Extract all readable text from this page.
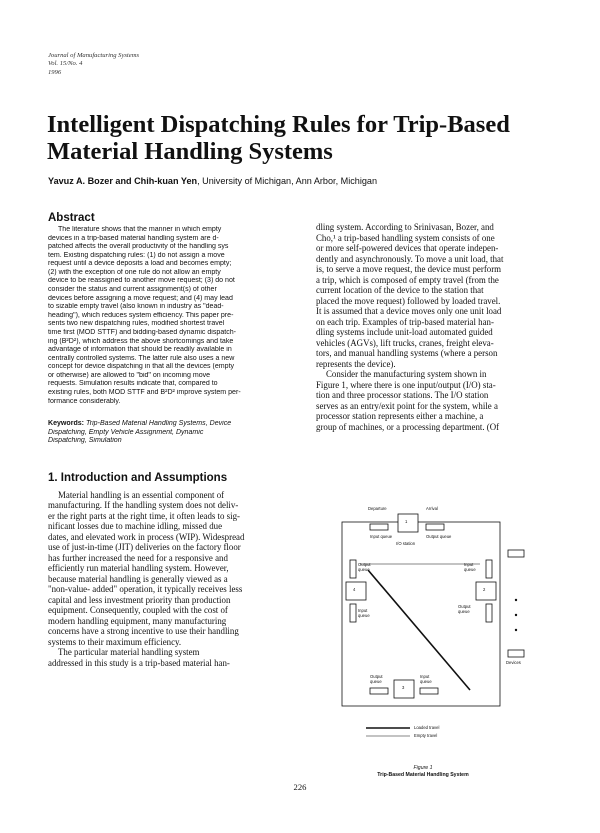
Journal of Manufacturing Systems
Vol. 15/No. 4
1996
Intelligent Dispatching Rules for Trip-Based
Material Handling Systems
Yavuz A. Bozer and Chih-kuan Yen, University of Michigan, Ann Arbor, Michigan
Abstract

The literature shows that the manner in which empty
devices in a trip-based material handling system are d-
patched affects the overall productivity of the handling sys
tem. Existing dispatching rules: (1) do not assign a move
request until a device deposits a load and becomes empty;
(2) with the exception of one rule do not allow an empty
device to be reassigned to another move request; (3) do not
consider the status and current assignment(s) of other
devices before assigning a move request; and (4) may lead
to sizable empty travel (also known in industry as "dead-
heading"), which reduces system efficiency. This paper pre-
sents two new dispatching rules, modified shortest travel
time first (MOD STTF) and bidding-based dynamic dispatch-
ing (B²D²), which address the above shortcomings and take
advantage of information that should be readily available in
centrally controlled systems. The latter rule also uses a new
concept for device dispatching in that all the devices (empty
or otherwise) are allowed to "bid" on incoming move
requests. Simulation results indicate that, compared to
existing rules, both MOD STTF and B²D² improve system per-
formance considerably.

Keywords: Trip-Based Material Handling Systems, Device
Dispatching, Empty Vehicle Assignment, Dynamic
Dispatching, Simulation

1. Introduction and Assumptions

Material handling is an essential component of
manufacturing. If the handling system does not deliv-
er the right parts at the right time, it often leads to sig-
nificant losses due to machine idling, missed due
dates, and elevated work in process (WIP). Widespread
use of just-in-time (JIT) deliveries on the factory floor
has further increased the need for a responsive and
efficiently run material handling system. However,
because material handling is generally viewed as a
"non-value- added" operation, it typically receives less
capital and less investment priority than production
equipment. Consequently, coupled with the cost of
modern handling equipment, many manufacturing
concerns have a strong incentive to use their handling
systems to their maximum efficiency.
The particular material handling system
addressed in this study is a trip-based material han-

dling system. According to Srinivasan, Bozer, and
Cho,¹ a trip-based handling system consists of one
or more self-powered devices that operate indepen-
dently and asynchronously. To move a unit load, that
is, to serve a move request, the device must perform
a trip, which is composed of empty travel (from the
current location of the device to the station that
placed the move request) followed by loaded travel.
It is assumed that a device moves only one unit load
on each trip. Examples of trip-based material han-
dling systems include unit-load automated guided
vehicles (AGVs), lift trucks, cranes, freight eleva-
tors, and manual handling systems (where a person
represents the device).

Consider the manufacturing system shown in
Figure 1, where there is one input/output (I/O) sta-
tion and three processor stations. The I/O station
serves as an entry/exit point for the system, while a
processor station represents either a machine, a
group of machines, or a processing department. (Of

Departure	Arrival
1
Input queue	Output queue
I/O station
Output
queue
Input
queue
4
Input
queue
Output
queue
2
Output
queue
Input
queue
3
Devices
Loaded travel
Empty travel
Figure 1
Trip-Based Material Handling System
226
